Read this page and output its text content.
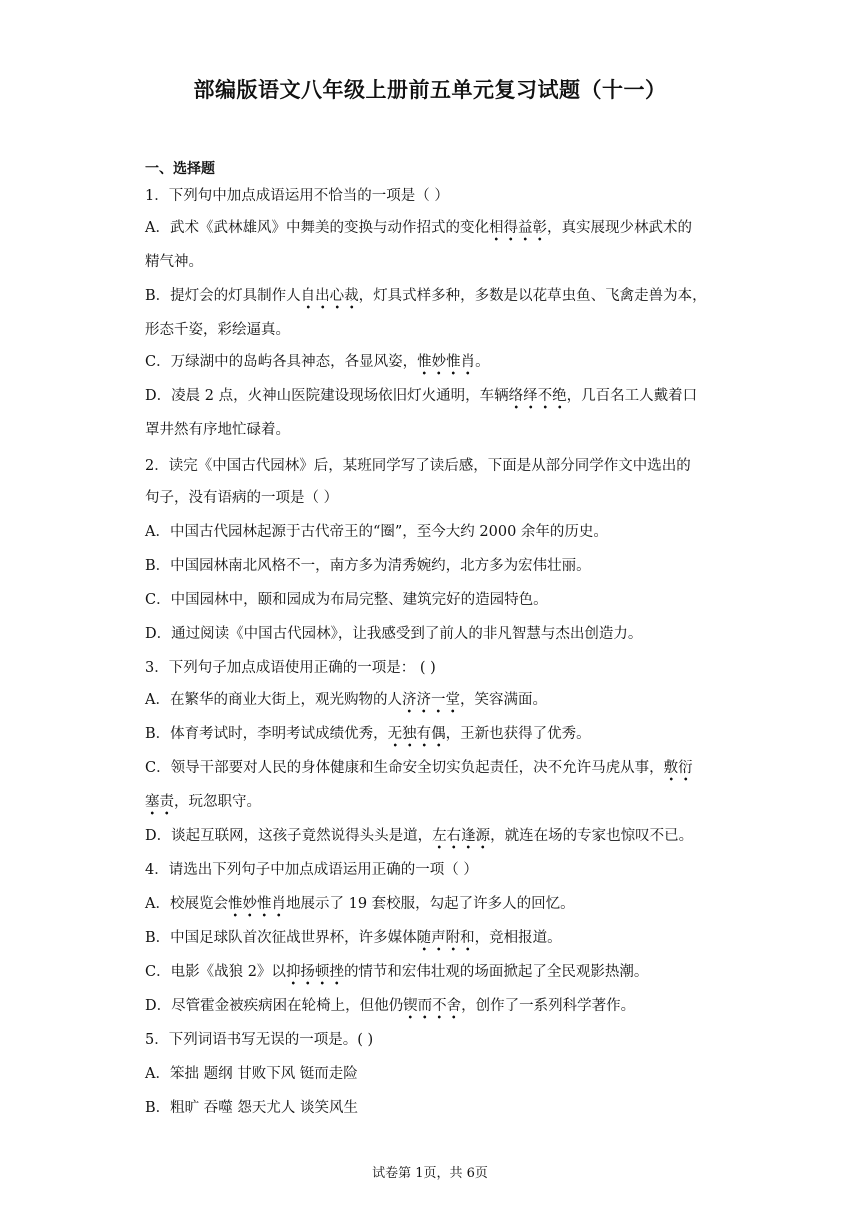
部编版语文八年级上册前五单元复习试题（十一）
一、选择题
1．下列句中加点成语运用不恰当的一项是（ ）
A．武术《武林雄风》中舞美的变换与动作招式的变化相得益彰，真实展现少林武术的
精气神。
B．提灯会的灯具制作人自出心裁，灯具式样多种，多数是以花草虫鱼、飞禽走兽为本，
形态千姿，彩绘逼真。
C．万绿湖中的岛屿各具神态，各显风姿，惟妙惟肖。
D．凌晨 2 点，火神山医院建设现场依旧灯火通明，车辆络绎不绝，几百名工人戴着口
罩井然有序地忙碌着。
2．读完《中国古代园林》后，某班同学写了读后感，下面是从部分同学作文中选出的
句子，没有语病的一项是（ ）
A．中国古代园林起源于古代帝王的“圈”，至今大约 2000 余年的历史。
B．中国园林南北风格不一，南方多为清秀婉约，北方多为宏伟壮丽。
C．中国园林中，颐和园成为布局完整、建筑完好的造园特色。
D．通过阅读《中国古代园林》，让我感受到了前人的非凡智慧与杰出创造力。
3．下列句子加点成语使用正确的一项是： ( )
A．在繁华的商业大街上，观光购物的人济济一堂，笑容满面。
B．体育考试时，李明考试成绩优秀，无独有偶，王新也获得了优秀。
C．领导干部要对人民的身体健康和生命安全切实负起责任，决不允许马虎从事，敷衍
塞责，玩忽职守。
D．谈起互联网，这孩子竟然说得头头是道，左右逢源，就连在场的专家也惊叹不已。
4．请选出下列句子中加点成语运用正确的一项（ ）
A．校展览会惟妙惟肖地展示了 19 套校服，勾起了许多人的回忆。
B．中国足球队首次征战世界杯，许多媒体随声附和，竞相报道。
C．电影《战狼 2》以抑扬顿挫的情节和宏伟壮观的场面掀起了全民观影热潮。
D．尽管霍金被疾病困在轮椅上，但他仍锲而不舍，创作了一系列科学著作。
5．下列词语书写无误的一项是。( )
A．笨拙 题纲 甘败下风 铤而走险
B．粗旷 吞噬 怨天尤人 谈笑风生
试卷第 1页，共 6页
